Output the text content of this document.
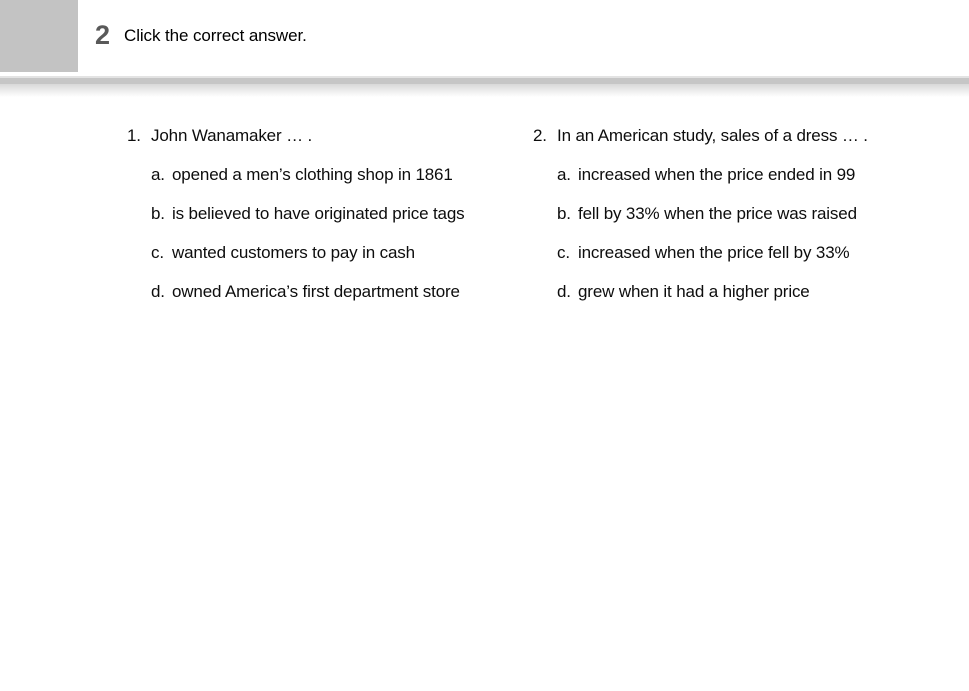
2 Click the correct answer.
1. John Wanamaker … .
a. opened a men’s clothing shop in 1861
b. is believed to have originated price tags
c. wanted customers to pay in cash
d. owned America’s first department store
2. In an American study, sales of a dress … .
a. increased when the price ended in 99
b. fell by 33% when the price was raised
c. increased when the price fell by 33%
d. grew when it had a higher price
